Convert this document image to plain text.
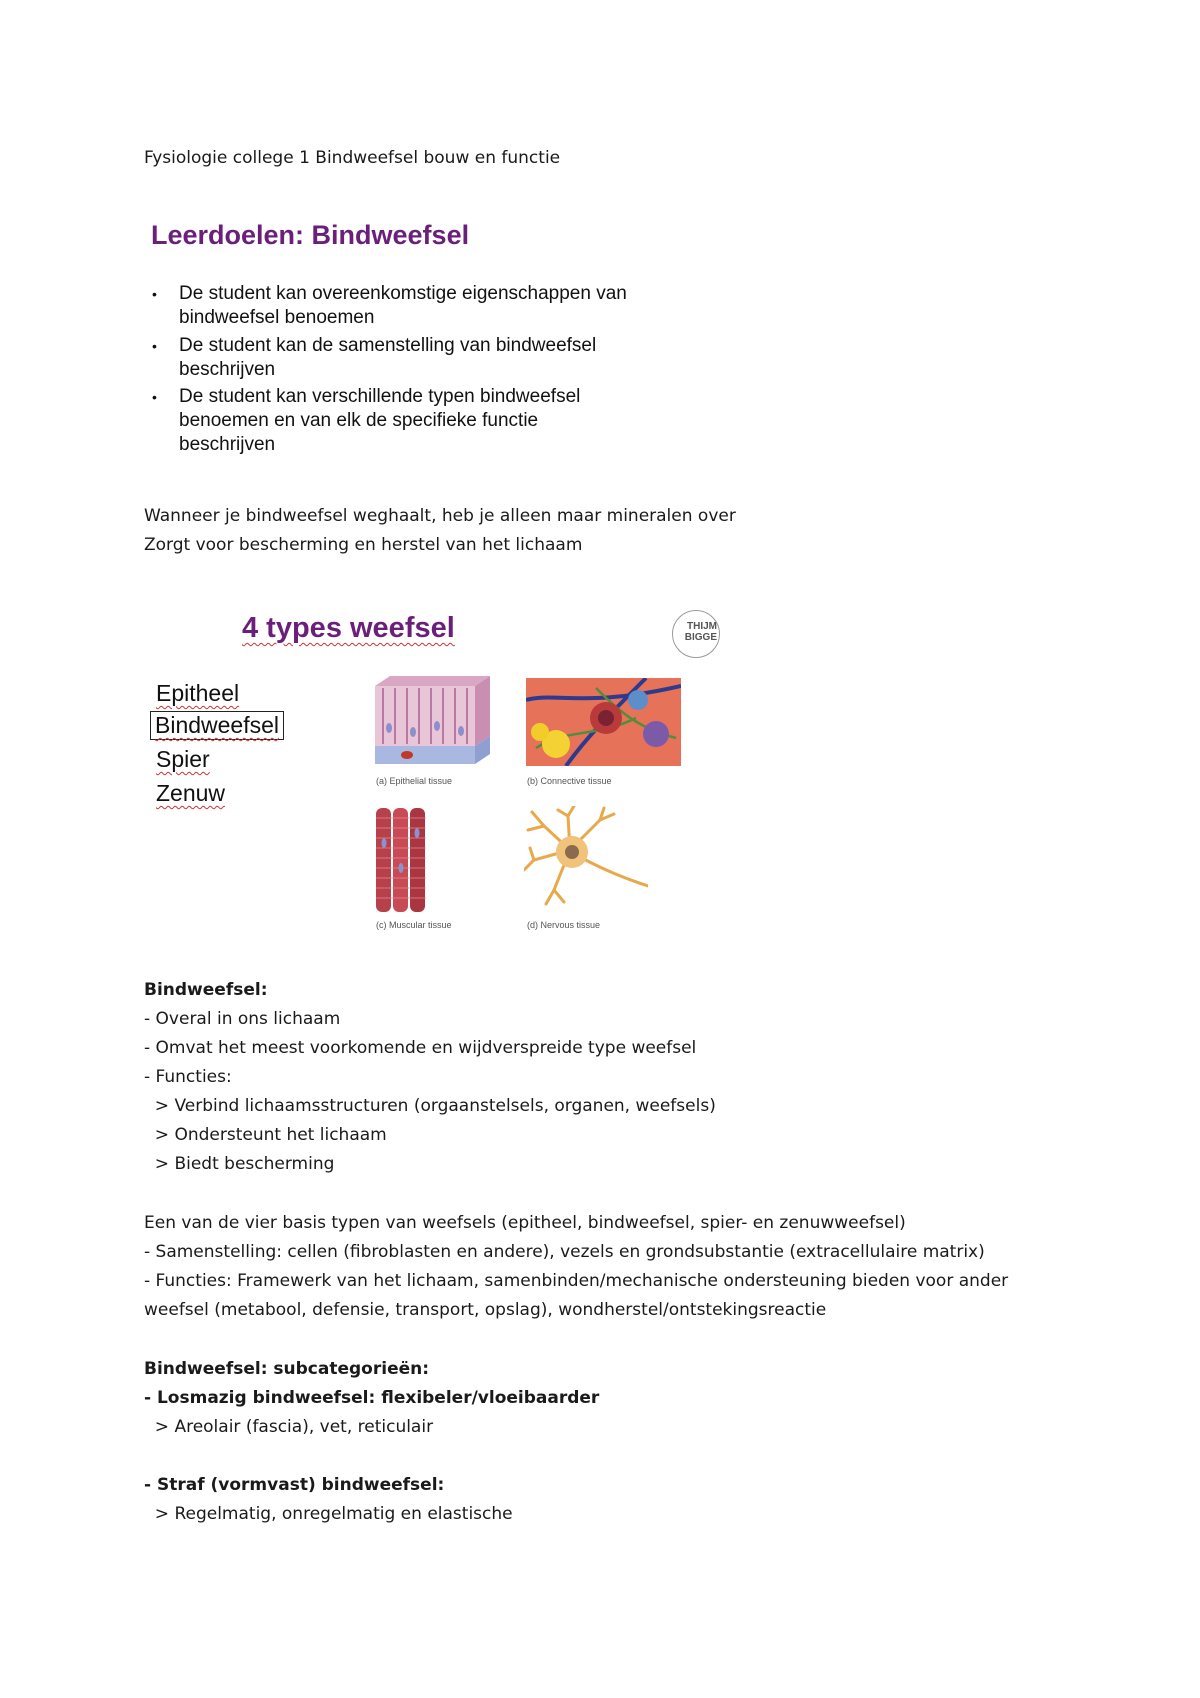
Fysiologie college 1 Bindweefsel bouw en functie
Leerdoelen: Bindweefsel
• De student kan overeenkomstige eigenschappen van
bindweefsel benoemen
• De student kan de samenstelling van bindweefsel
beschrijven
• De student kan verschillende typen bindweefsel
benoemen en van elk de specifieke functie
beschrijven
Wanneer je bindweefsel weghaalt, heb je alleen maar mineralen over
Zorgt voor bescherming en herstel van het lichaam
4 types weefsel	THIJM
BIGGE
Epitheel
Bindweefsel
Spier
Zenuw	(a) Epithelial tissue	(b) Connective tissue
(c) Muscular tissue	(d) Nervous tissue
Bindweefsel:
- Overal in ons lichaam
- Omvat het meest voorkomende en wijdverspreide type weefsel
- Functies:
> Verbind lichaamsstructuren (orgaanstelsels, organen, weefsels)
> Ondersteunt het lichaam
> Biedt bescherming
Een van de vier basis typen van weefsels (epitheel, bindweefsel, spier- en zenuwweefsel)
- Samenstelling: cellen (fibroblasten en andere), vezels en grondsubstantie (extracellulaire matrix)
- Functies: Framewerk van het lichaam, samenbinden/mechanische ondersteuning bieden voor ander
weefsel (metabool, defensie, transport, opslag), wondherstel/ontstekingsreactie
Bindweefsel: subcategorieën:
- Losmazig bindweefsel: flexibeler/vloeibaarder
> Areolair (fascia), vet, reticulair
- Straf (vormvast) bindweefsel:
> Regelmatig, onregelmatig en elastische
